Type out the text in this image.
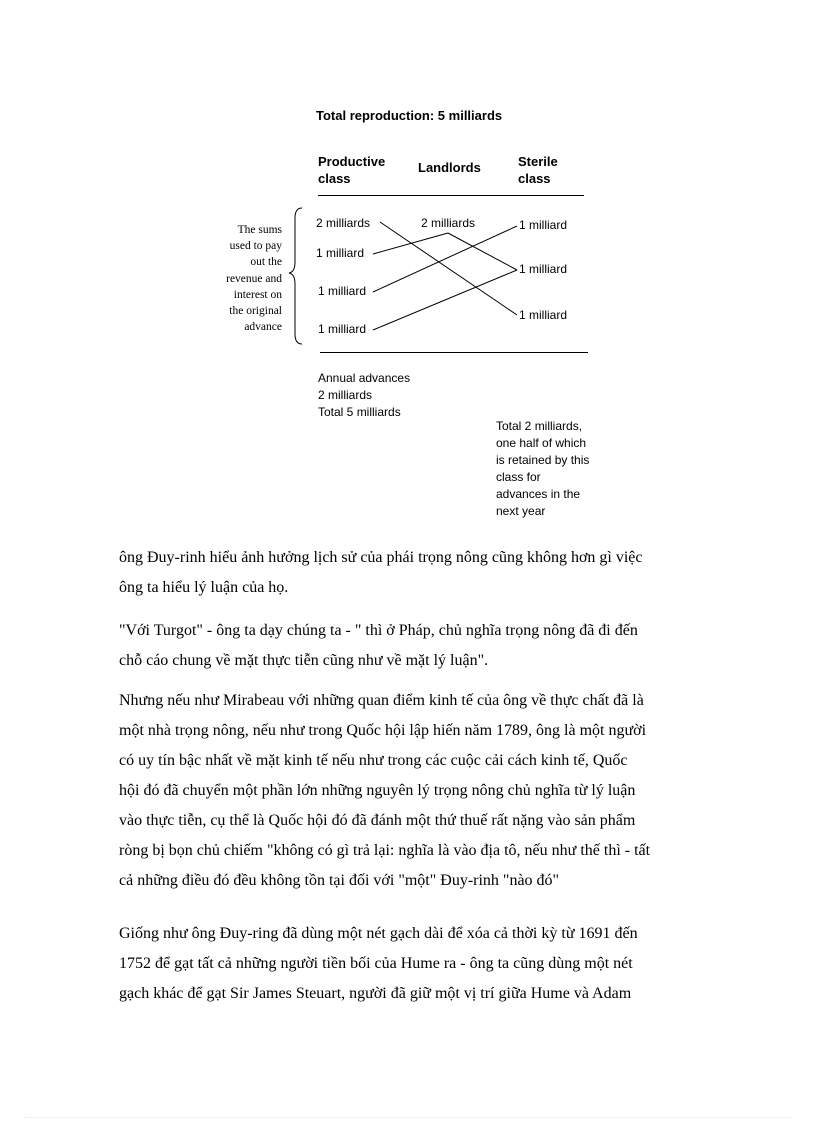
Total reproduction: 5 milliards
Productive
class
Landlords	Sterile
class
2 milliards
1 milliard
1 milliard
1 milliard
2 milliards	1 milliard
1 milliard
1 milliard
The sums
used to pay
out the
revenue and
interest on
the original
advance
Annual advances
2 milliards
Total 5 milliards
Total 2 milliards,
one half of which
is retained by this
class for
advances in the
next year
ông Đuy-rinh hiểu ảnh hưởng lịch sử của phái trọng nông cũng không hơn gì việc
ông ta hiểu lý luận của họ.
"Với Turgot" - ông ta dạy chúng ta - " thì ở Pháp, chủ nghĩa trọng nông đã đi đến
chỗ cáo chung về mặt thực tiễn cũng như về mặt lý luận".
Nhưng nếu như Mirabeau với những quan điểm kinh tế của ông về thực chất đã là
một nhà trọng nông, nếu như trong Quốc hội lập hiến năm 1789, ông là một người
có uy tín bậc nhất về mặt kinh tế nếu như trong các cuộc cải cách kinh tế, Quốc
hội đó đã chuyển một phần lớn những nguyên lý trọng nông chủ nghĩa từ lý luận
vào thực tiễn, cụ thể là Quốc hội đó đã đánh một thứ thuế rất nặng vào sản phẩm
ròng bị bọn chủ chiếm "không có gì trả lại: nghĩa là vào địa tô, nếu như thế thì - tất
cả những điều đó đều không tồn tại đối với "một" Đuy-rinh "nào đó"
Giống như ông Đuy-ring đã dùng một nét gạch dài để xóa cả thời kỳ từ 1691 đến
1752 để gạt tất cả những người tiền bối của Hume ra - ông ta cũng dùng một nét
gạch khác để gạt Sir James Steuart, người đã giữ một vị trí giữa Hume và Adam
